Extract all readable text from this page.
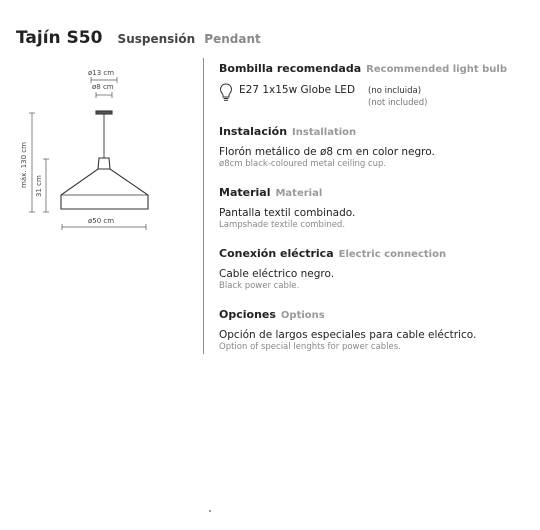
Tajín S50 Suspensión Pendant
ø13 cm
ø8 cm
máx. 130 cm 31 cm
ø50 cm
Bombilla recomendada Recommended light bulb
E27 1x15w Globe LED (no incluida)
(not included)
Instalación Installation
Florón metálico de ø8 cm en color negro.
ø8cm black-coloured metal ceiling cup.
Material Material
Pantalla textil combinado.
Lampshade textile combined.
Conexión eléctrica Electric connection
Cable eléctrico negro.
Black power cable.
Opciones Options
Opción de largos especiales para cable eléctrico.
Option of special lenghts for power cables.
